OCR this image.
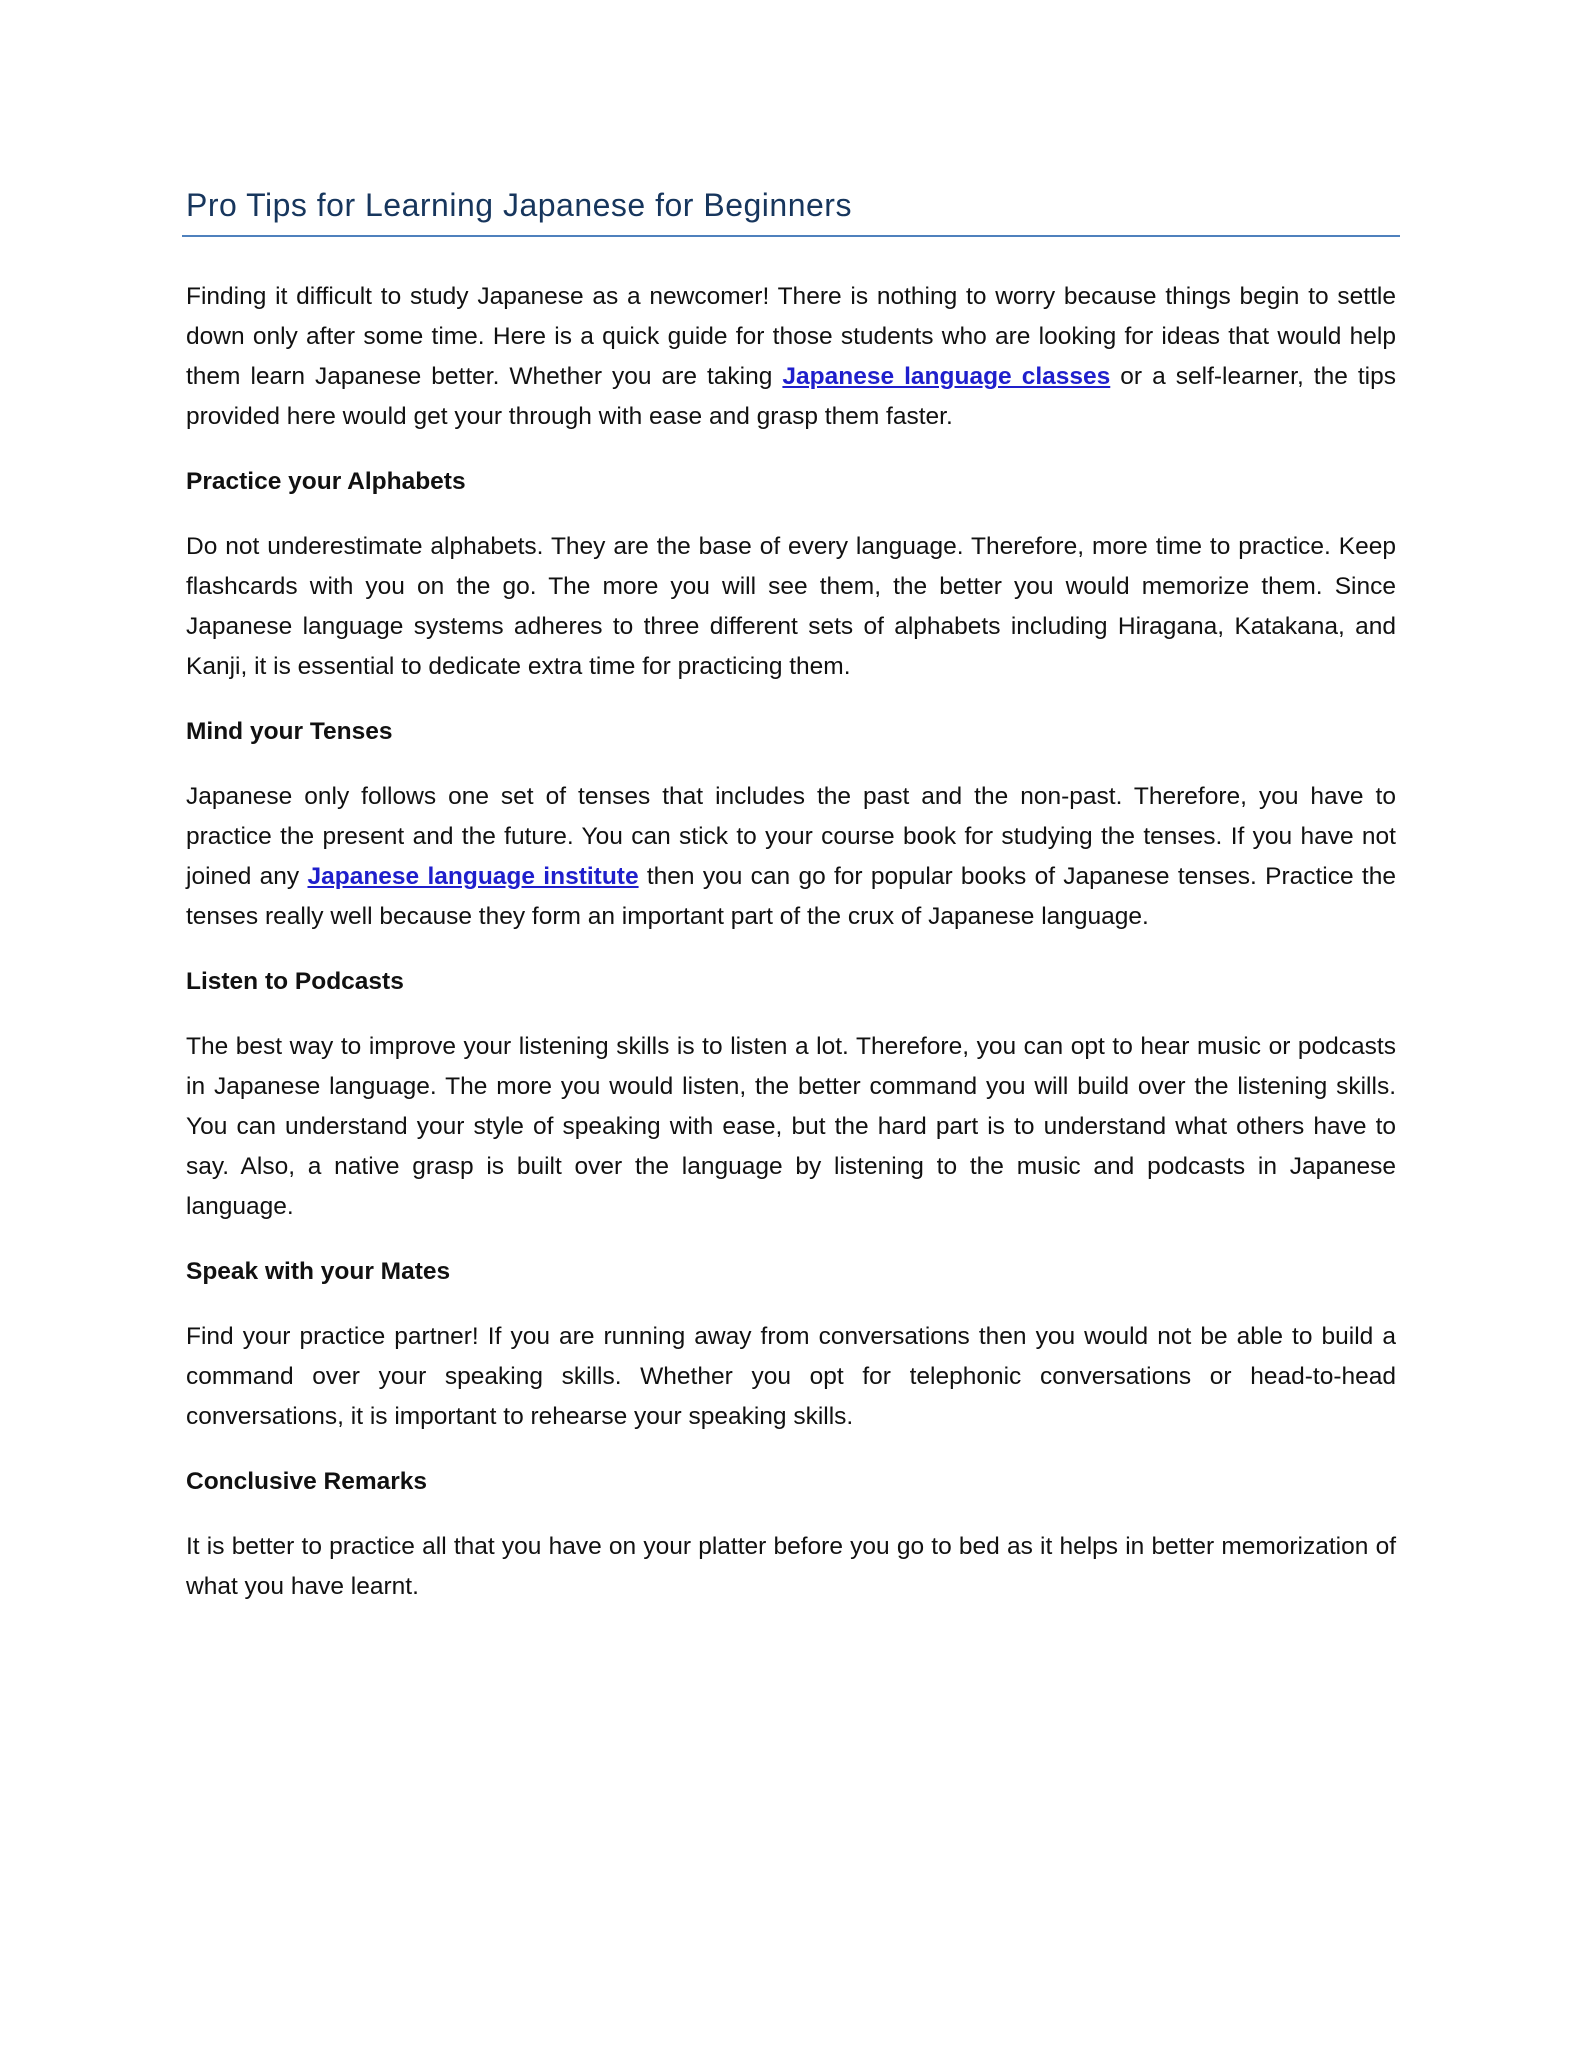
Pro Tips for Learning Japanese for Beginners

Finding it difficult to study Japanese as a newcomer! There is nothing to worry because things begin to settle down only after some time. Here is a quick guide for those students who are looking for ideas that would help them learn Japanese better. Whether you are taking Japanese language classes or a self-learner, the tips provided here would get your through with ease and grasp them faster.

Practice your Alphabets

Do not underestimate alphabets. They are the base of every language. Therefore, more time to practice. Keep flashcards with you on the go. The more you will see them, the better you would memorize them. Since Japanese language systems adheres to three different sets of alphabets including Hiragana, Katakana, and Kanji, it is essential to dedicate extra time for practicing them.

Mind your Tenses

Japanese only follows one set of tenses that includes the past and the non-past. Therefore, you have to practice the present and the future. You can stick to your course book for studying the tenses. If you have not joined any Japanese language institute then you can go for popular books of Japanese tenses. Practice the tenses really well because they form an important part of the crux of Japanese language.

Listen to Podcasts

The best way to improve your listening skills is to listen a lot. Therefore, you can opt to hear music or podcasts in Japanese language. The more you would listen, the better command you will build over the listening skills. You can understand your style of speaking with ease, but the hard part is to understand what others have to say. Also, a native grasp is built over the language by listening to the music and podcasts in Japanese language.

Speak with your Mates

Find your practice partner! If you are running away from conversations then you would not be able to build a command over your speaking skills. Whether you opt for telephonic conversations or head-to-head conversations, it is important to rehearse your speaking skills.

Conclusive Remarks

It is better to practice all that you have on your platter before you go to bed as it helps in better memorization of what you have learnt.
